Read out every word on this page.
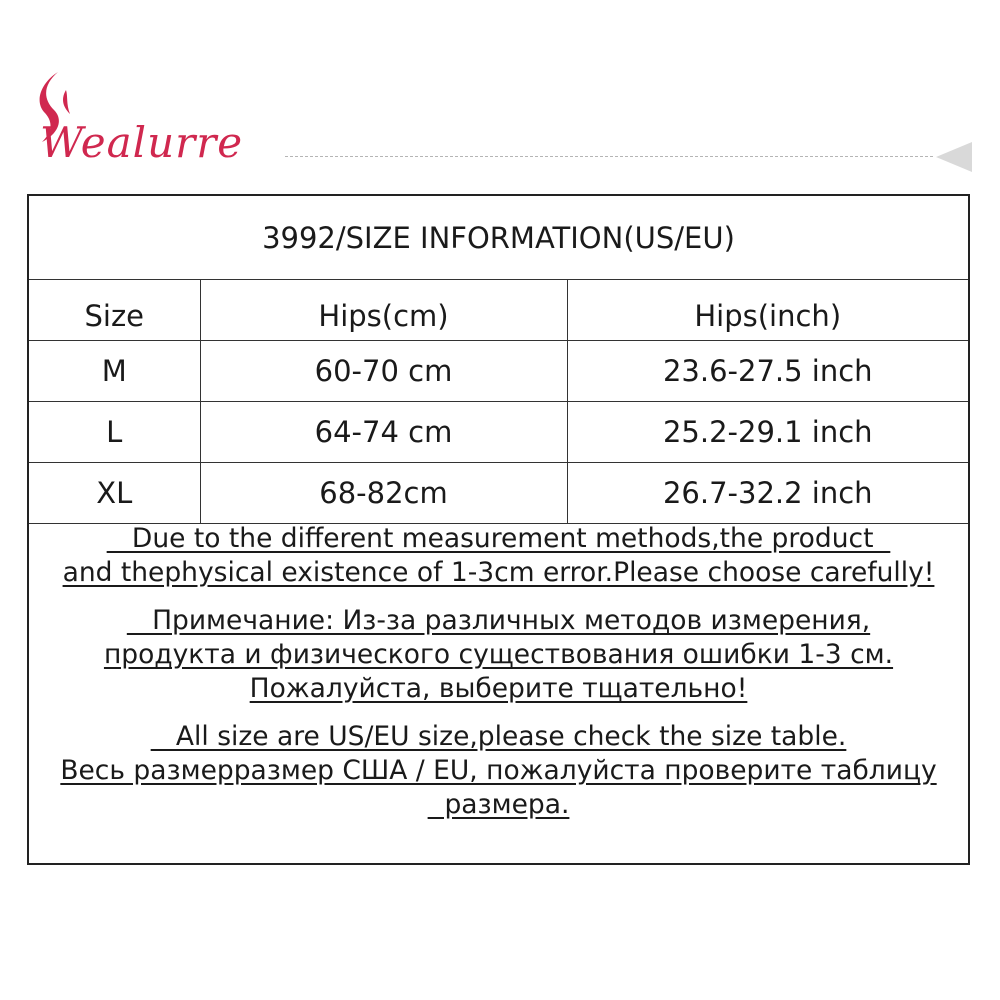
Wealurre
3992/SIZE INFORMATION(US/EU)
Size	Hips(cm)	Hips(inch)
M	60-70 cm	23.6-27.5 inch
L	64-74 cm	25.2-29.1 inch
XL	68-82cm	26.7-32.2 inch

Due to the different measurement methods,the product
and thephysical existence of 1-3cm error.Please choose carefully!

Примечание: Из-за различных методов измерения,
продукта и физического существования ошибки 1-3 см.
Пожалуйста, выберите тщательно!

All size are US/EU size,please check the size table.
Весь размерразмер США / EU, пожалуйста проверите таблицу
размера.
